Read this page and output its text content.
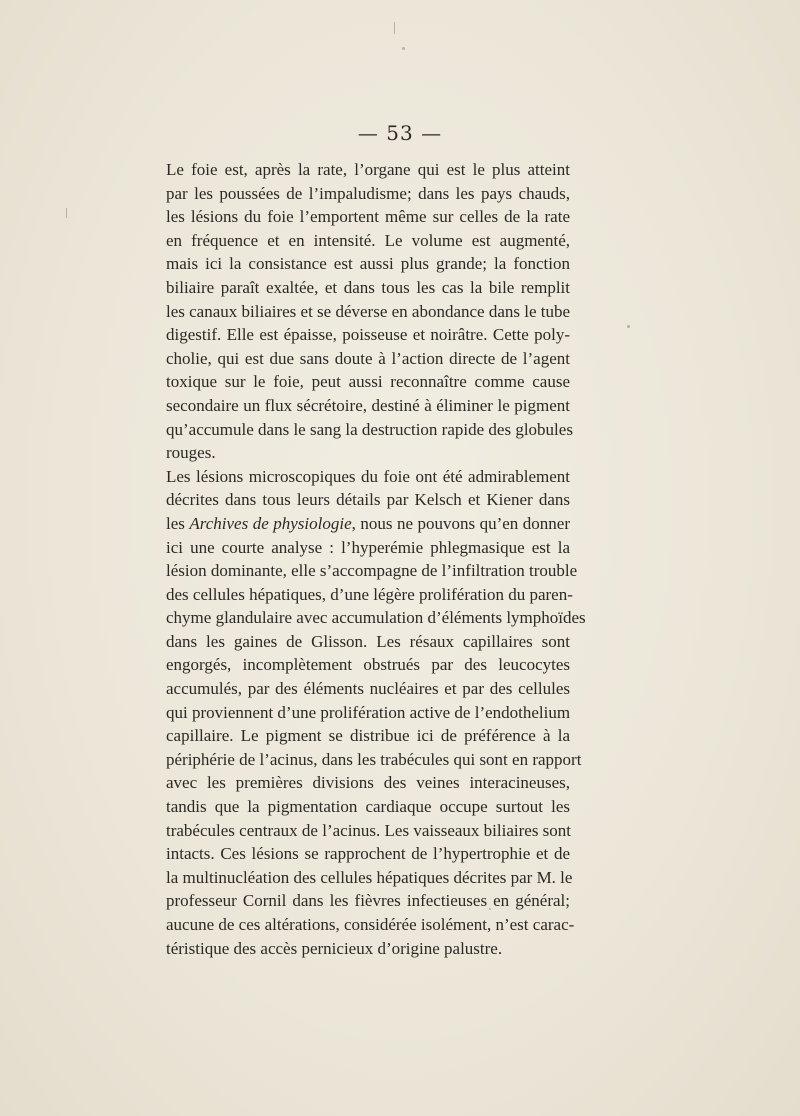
— 53 —
Le foie est, après la rate, l’organe qui est le plus atteint
par les poussées de l’impaludisme; dans les pays chauds,
les lésions du foie l’emportent même sur celles de la rate
en fréquence et en intensité. Le volume est augmenté,
mais ici la consistance est aussi plus grande; la fonction
biliaire paraît exaltée, et dans tous les cas la bile remplit
les canaux biliaires et se déverse en abondance dans le tube
digestif. Elle est épaisse, poisseuse et noirâtre. Cette poly-
cholie, qui est due sans doute à l’action directe de l’agent
toxique sur le foie, peut aussi reconnaître comme cause
secondaire un flux sécrétoire, destiné à éliminer le pigment
qu’accumule dans le sang la destruction rapide des globules
rouges.
Les lésions microscopiques du foie ont été admirablement
décrites dans tous leurs détails par Kelsch et Kiener dans
les Archives de physiologie, nous ne pouvons qu’en donner
ici une courte analyse : l’hyperémie phlegmasique est la
lésion dominante, elle s’accompagne de l’infiltration trouble
des cellules hépatiques, d’une légère prolifération du paren-
chyme glandulaire avec accumulation d’éléments lymphoïdes
dans les gaines de Glisson. Les résaux capillaires sont
engorgés, incomplètement obstrués par des leucocytes
accumulés, par des éléments nucléaires et par des cellules
qui proviennent d’une prolifération active de l’endothelium
capillaire. Le pigment se distribue ici de préférence à la
périphérie de l’acinus, dans les trabécules qui sont en rapport
avec les premières divisions des veines interacineuses,
tandis que la pigmentation cardiaque occupe surtout les
trabécules centraux de l’acinus. Les vaisseaux biliaires sont
intacts. Ces lésions se rapprochent de l’hypertrophie et de
la multinucléation des cellules hépatiques décrites par M. le
professeur Cornil dans les fièvres infectieuses en général;
aucune de ces altérations, considérée isolément, n’est carac-
téristique des accès pernicieux d’origine palustre.
